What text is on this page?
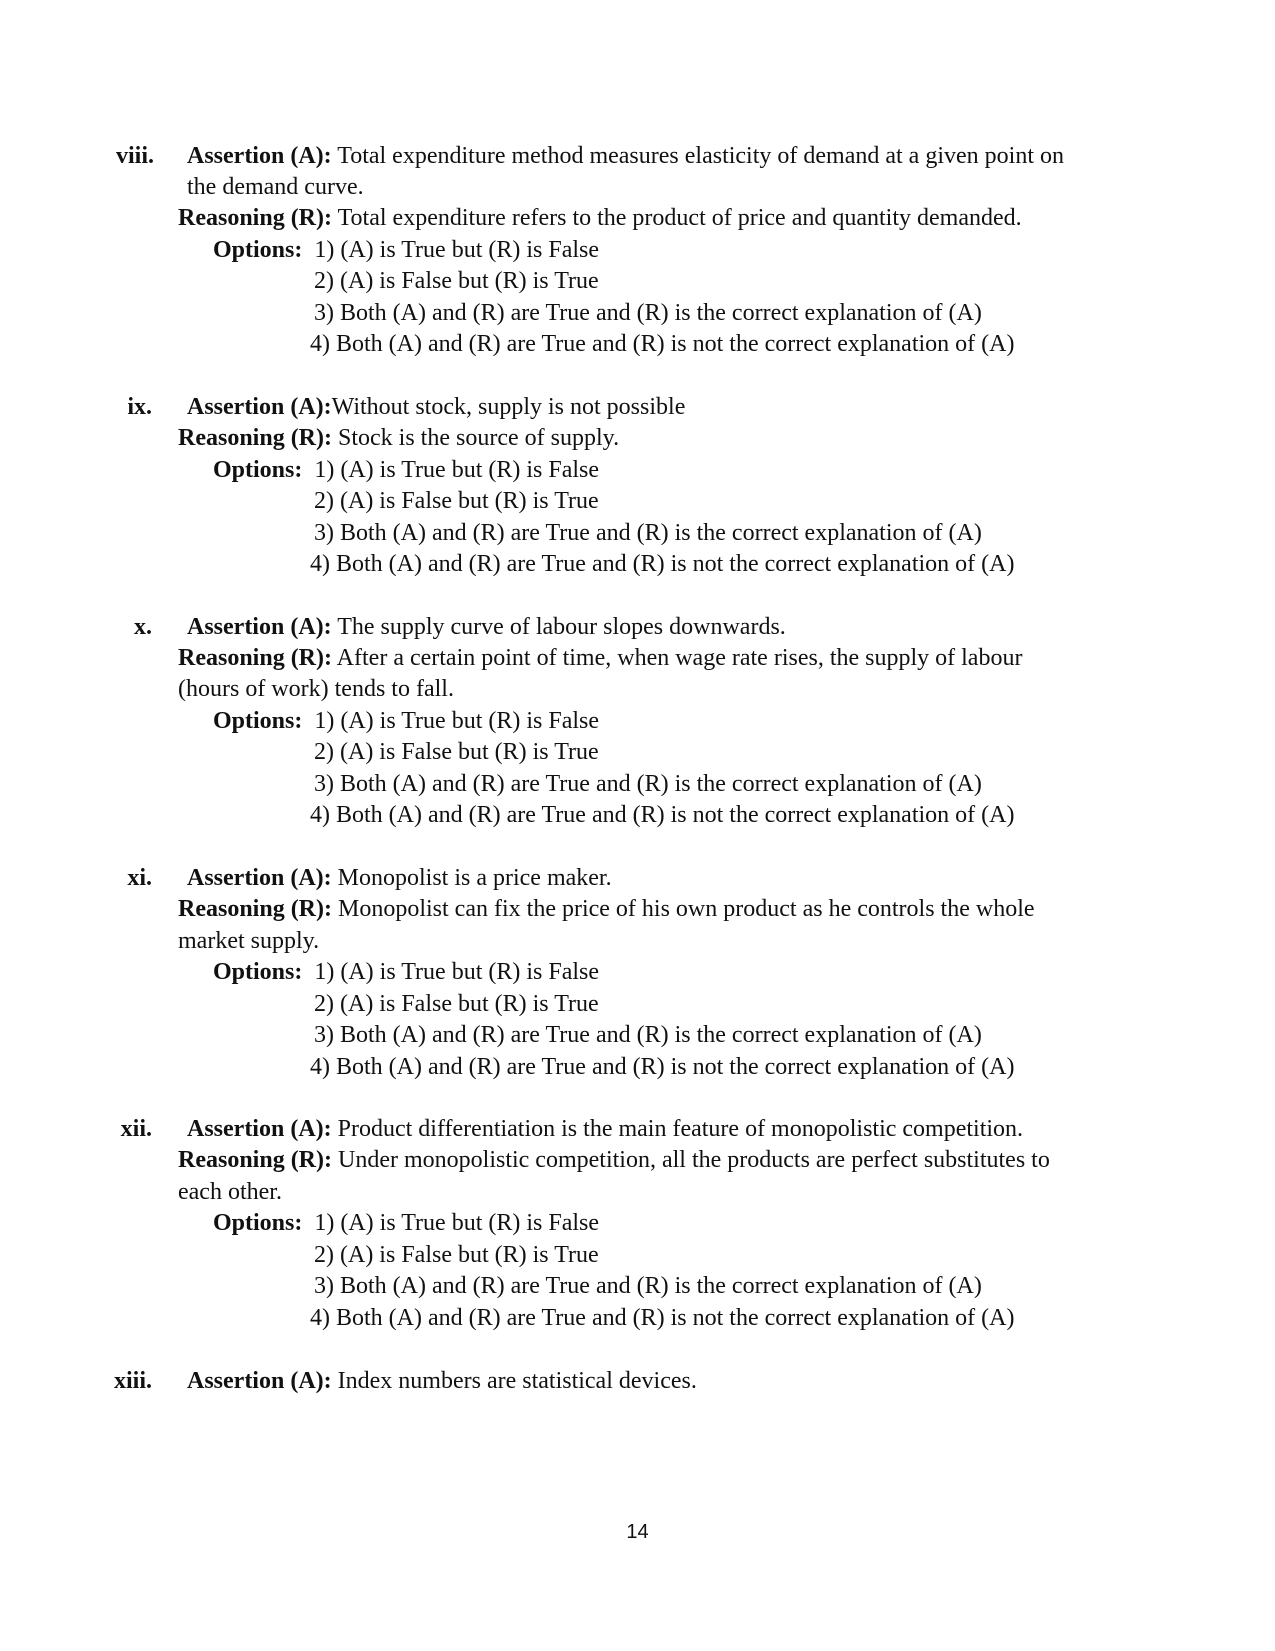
viii. Assertion (A): Total expenditure method measures elasticity of demand at a given point on
the demand curve.
Reasoning (R): Total expenditure refers to the product of price and quantity demanded.
Options: 1) (A) is True but (R) is False
2) (A) is False but (R) is True
3) Both (A) and (R) are True and (R) is the correct explanation of (A)
4) Both (A) and (R) are True and (R) is not the correct explanation of (A)
ix. Assertion (A):Without stock, supply is not possible
Reasoning (R): Stock is the source of supply.
Options: 1) (A) is True but (R) is False
2) (A) is False but (R) is True
3) Both (A) and (R) are True and (R) is the correct explanation of (A)
4) Both (A) and (R) are True and (R) is not the correct explanation of (A)
x. Assertion (A): The supply curve of labour slopes downwards.
Reasoning (R): After a certain point of time, when wage rate rises, the supply of labour
(hours of work) tends to fall.
Options: 1) (A) is True but (R) is False
2) (A) is False but (R) is True
3) Both (A) and (R) are True and (R) is the correct explanation of (A)
4) Both (A) and (R) are True and (R) is not the correct explanation of (A)
xi. Assertion (A): Monopolist is a price maker.
Reasoning (R): Monopolist can fix the price of his own product as he controls the whole
market supply.
Options: 1) (A) is True but (R) is False
2) (A) is False but (R) is True
3) Both (A) and (R) are True and (R) is the correct explanation of (A)
4) Both (A) and (R) are True and (R) is not the correct explanation of (A)
xii. Assertion (A): Product differentiation is the main feature of monopolistic competition.
Reasoning (R): Under monopolistic competition, all the products are perfect substitutes to
each other.
Options: 1) (A) is True but (R) is False
2) (A) is False but (R) is True
3) Both (A) and (R) are True and (R) is the correct explanation of (A)
4) Both (A) and (R) are True and (R) is not the correct explanation of (A)
xiii. Assertion (A): Index numbers are statistical devices.
14
